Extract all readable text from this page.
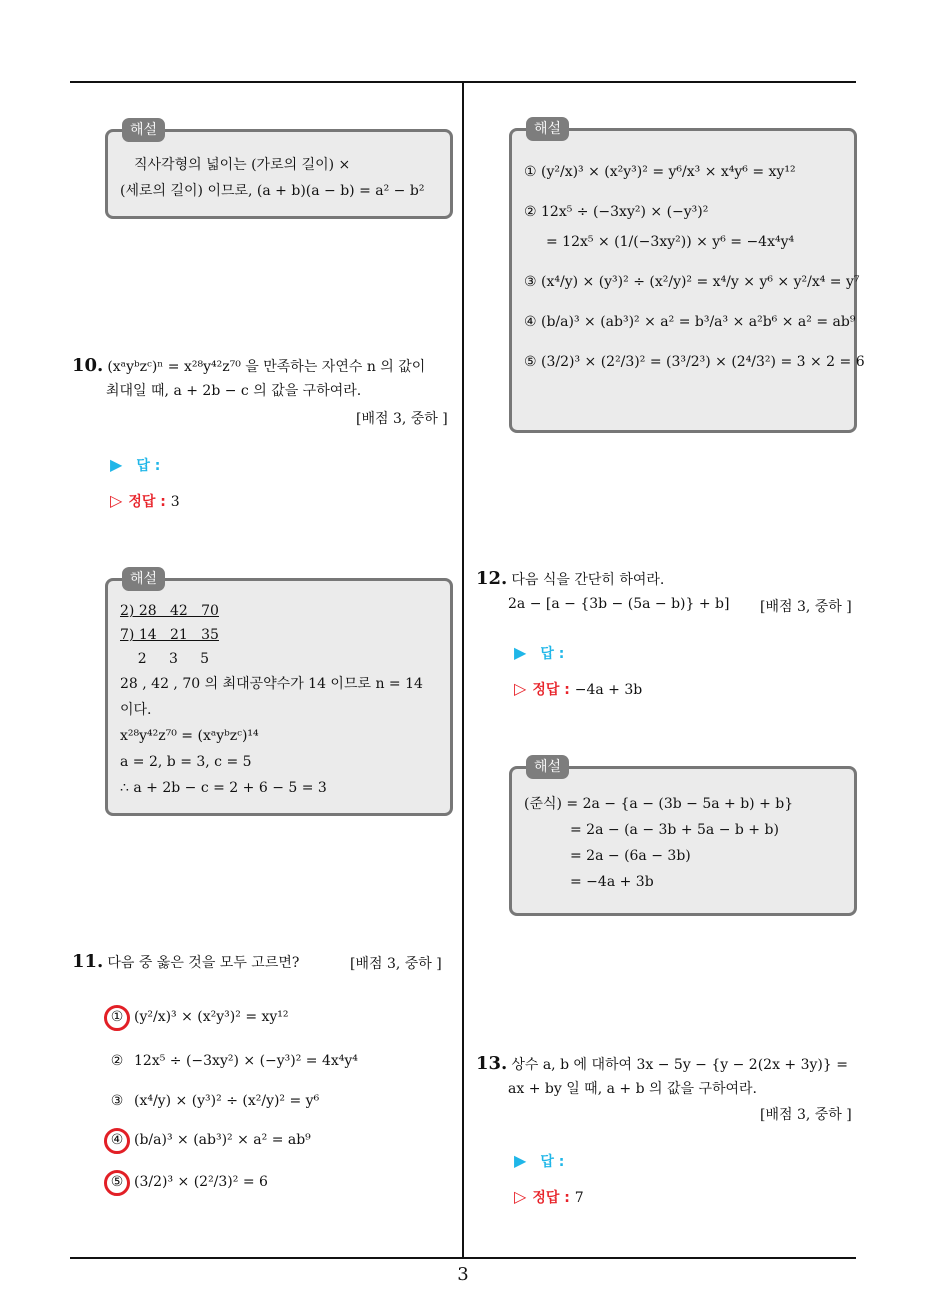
해설
직사각형의 넓이는 (가로의 길이) ×
(세로의 길이) 이므로, (a + b)(a − b) = a² − b²
10. (xᵃyᵇzᶜ)ⁿ = x²⁸y⁴²z⁷⁰ 을 만족하는 자연수 n 의 값이
최대일 때, a + 2b − c 의 값을 구하여라.
[배점 3, 중하 ]
▶ 답 :
▷ 정답 : 3
해설
2) 28   42   70
7) 14   21   35
2     3     5
28 , 42 , 70 의 최대공약수가 14 이므로 n = 14
이다.
x²⁸y⁴²z⁷⁰ = (xᵃyᵇzᶜ)¹⁴
a = 2, b = 3, c = 5
∴ a + 2b − c = 2 + 6 − 5 = 3
11. 다음 중 옳은 것을 모두 고르면?	[배점 3, 중하 ]
① (y²/x)³ × (x²y³)² = xy¹²
② 12x⁵ ÷ (−3xy²) × (−y³)² = 4x⁴y⁴
③ (x⁴/y) × (y³)² ÷ (x²/y)² = y⁶
④ (b/a)³ × (ab³)² × a² = ab⁹
⑤ (3/2)³ × (2²/3)² = 6
해설
① (y²/x)³ × (x²y³)² = y⁶/x³ × x⁴y⁶ = xy¹²
② 12x⁵ ÷ (−3xy²) × (−y³)²
= 12x⁵ × (1/(−3xy²)) × y⁶ = −4x⁴y⁴
③ (x⁴/y) × (y³)² ÷ (x²/y)² = x⁴/y × y⁶ × y²/x⁴ = y⁷
④ (b/a)³ × (ab³)² × a² = b³/a³ × a²b⁶ × a² = ab⁹
⑤ (3/2)³ × (2²/3)² = (3³/2³) × (2⁴/3²) = 3 × 2 = 6
12. 다음 식을 간단히 하여라.
2a − [a − {3b − (5a − b)} + b]	[배점 3, 중하 ]
▶ 답 :
▷ 정답 : −4a + 3b
해설
(준식) = 2a − {a − (3b − 5a + b) + b}
= 2a − (a − 3b + 5a − b + b)
= 2a − (6a − 3b)
= −4a + 3b
13. 상수 a, b 에 대하여 3x − 5y − {y − 2(2x + 3y)} =
ax + by 일 때, a + b 의 값을 구하여라.
[배점 3, 중하 ]
▶ 답 :
▷ 정답 : 7
3
